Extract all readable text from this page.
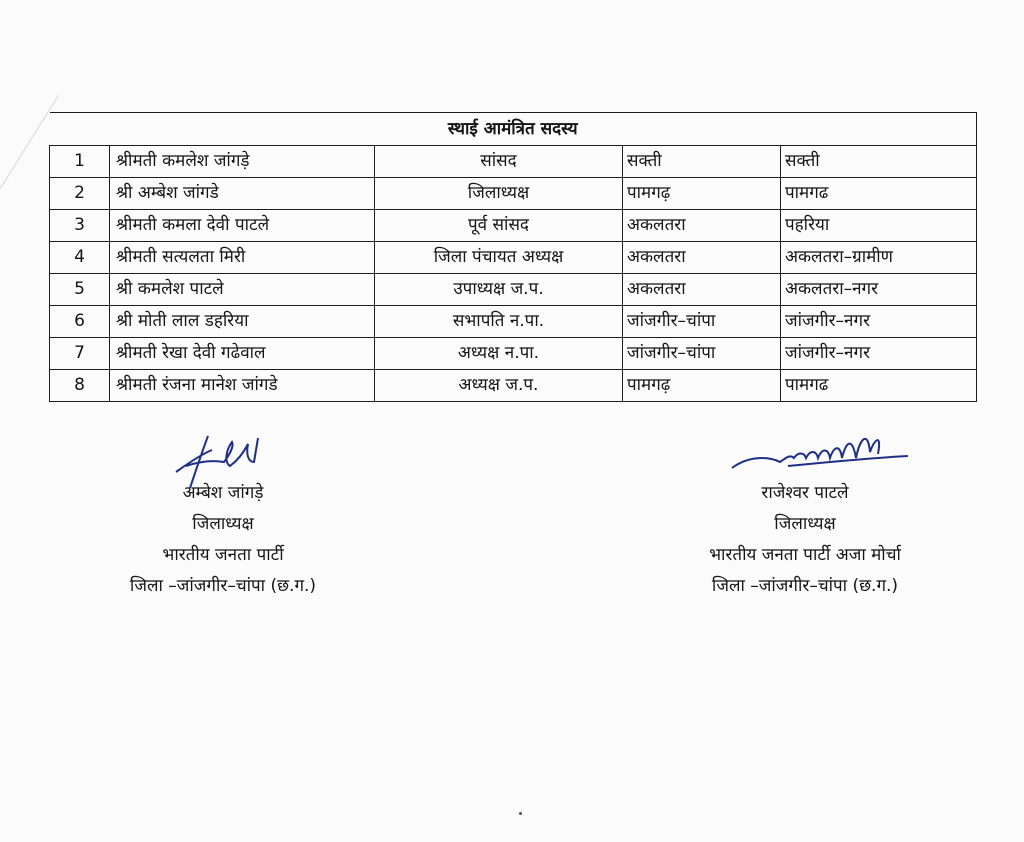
स्थाई आमंत्रित सदस्य				
1	श्रीमती कमलेश जांगड़े	सांसद	सक्ती	सक्ती
2	श्री अम्बेश जांगडे	जिलाध्यक्ष	पामगढ़	पामगढ
3	श्रीमती कमला देवी पाटले	पूर्व सांसद	अकलतरा	पहरिया
4	श्रीमती सत्यलता मिरी	जिला पंचायत अध्यक्ष	अकलतरा	अकलतरा–ग्रामीण
5	श्री कमलेश पाटले	उपाध्यक्ष ज.प.	अकलतरा	अकलतरा–नगर
6	श्री मोती लाल डहरिया	सभापति न.पा.	जांजगीर–चांपा	जांजगीर–नगर
7	श्रीमती रेखा देवी गढेवाल	अध्यक्ष न.पा.	जांजगीर–चांपा	जांजगीर–नगर
8	श्रीमती रंजना मानेश जांगडे	अध्यक्ष ज.प.	पामगढ़	पामगढ
अम्बेश जांगड़े
जिलाध्यक्ष
भारतीय जनता पार्टी
जिला –जांजगीर–चांपा (छ.ग.)
राजेश्वर पाटले
जिलाध्यक्ष
भारतीय जनता पार्टी अजा मोर्चा
जिला –जांजगीर–चांपा (छ.ग.)
